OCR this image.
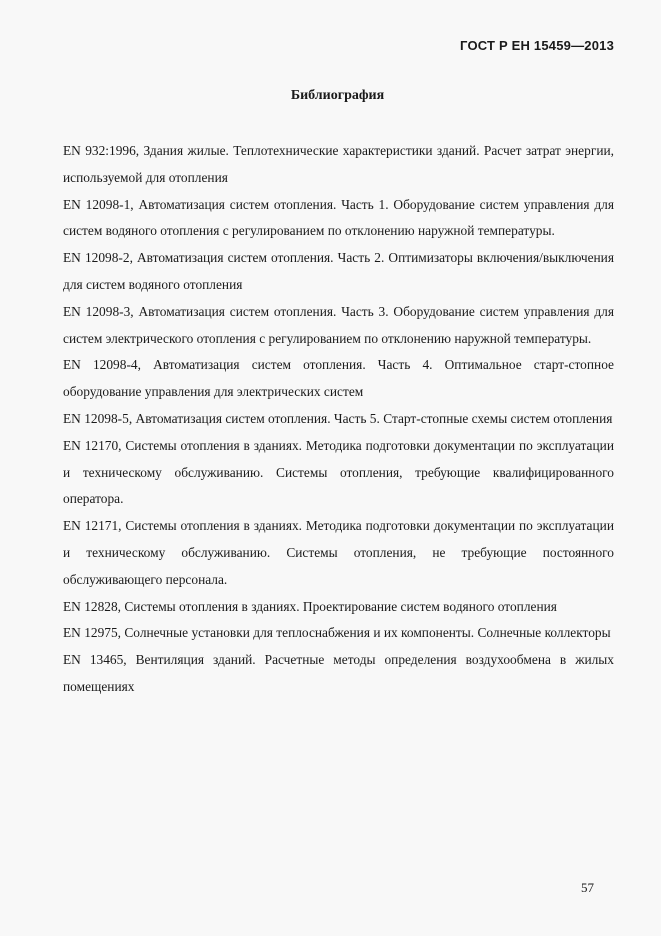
ГОСТ Р ЕН 15459—2013
Библиография

EN 932:1996, Здания жилые. Теплотехнические характеристики зданий. Расчет затрат энергии, используемой для отопления

EN 12098-1, Автоматизация систем отопления. Часть 1. Оборудование систем управления для систем водяного отопления с регулированием по отклонению наружной температуры.

EN 12098-2, Автоматизация систем отопления. Часть 2. Оптимизаторы включения/выключения для систем водяного отопления

EN 12098-3, Автоматизация систем отопления. Часть 3. Оборудование систем управления для систем электрического отопления с регулированием по отклонению наружной температуры.

EN 12098-4, Автоматизация систем отопления. Часть 4. Оптимальное старт-стопное оборудование управления для электрических систем

EN 12098-5, Автоматизация систем отопления. Часть 5. Старт-стопные схемы систем отопления

EN 12170, Системы отопления в зданиях. Методика подготовки документации по эксплуатации и техническому обслуживанию. Системы отопления, требующие квалифицированного оператора.

EN 12171, Системы отопления в зданиях. Методика подготовки документации по эксплуатации и техническому обслуживанию. Системы отопления, не требующие постоянного обслуживающего персонала.

EN 12828, Системы отопления в зданиях. Проектирование систем водяного отопления

EN 12975, Солнечные установки для теплоснабжения и их компоненты. Солнечные коллекторы

EN 13465, Вентиляция зданий. Расчетные методы определения воздухообмена в жилых помещениях

57
